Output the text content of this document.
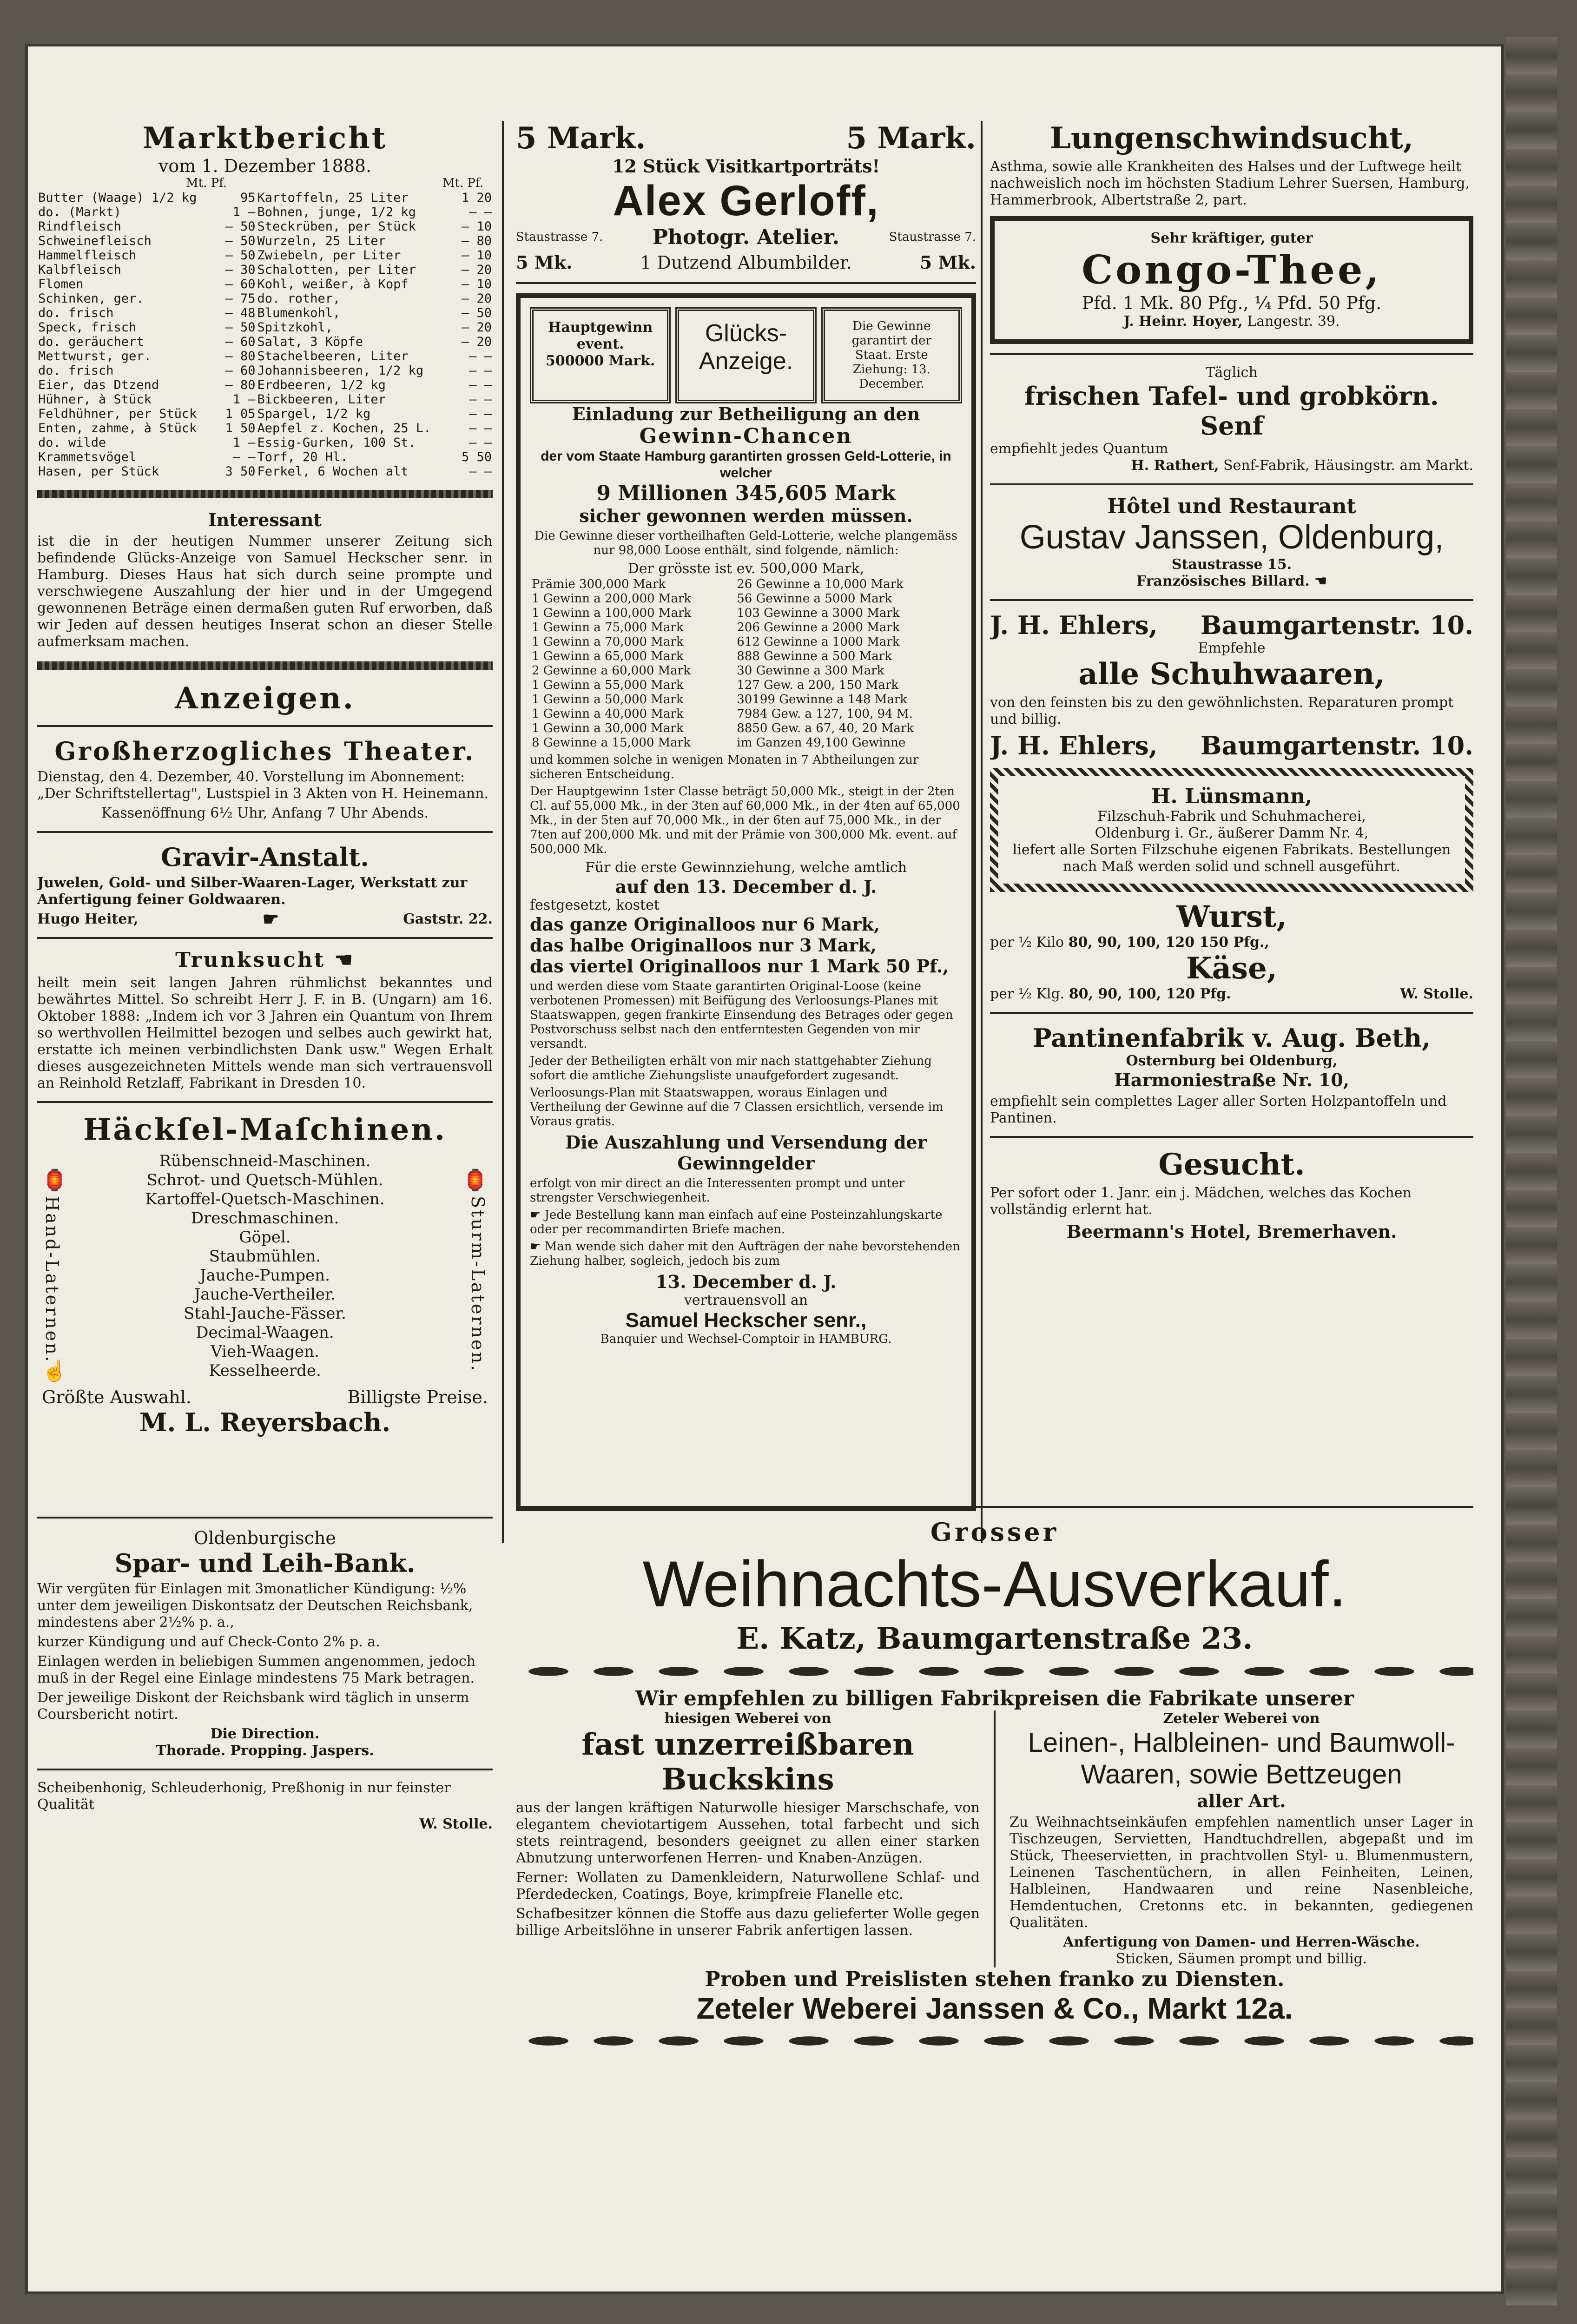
Marktbericht
vom 1. Dezember 1888.
Mt. Pf.	Mt. Pf.
Butter (Waage) 1/2 kg	95	Kartoffeln, 25 Liter	1 20
do. (Markt)	1 —	Bohnen, junge, 1/2 kg	— —
Rindfleisch	— 50	Steckrüben, per Stück	— 10
Schweinefleisch	— 50	Wurzeln, 25 Liter	— 80
Hammelfleisch	— 50	Zwiebeln, per Liter	— 10
Kalbfleisch	— 30	Schalotten, per Liter	— 20
Flomen	— 60	Kohl, weißer, à Kopf	— 10
Schinken, ger.	— 75	do. rother,	— 20
do. frisch	— 48	Blumenkohl,	— 50
Speck, frisch	— 50	Spitzkohl,	— 20
do. geräuchert	— 60	Salat, 3 Köpfe	— 20
Mettwurst, ger.	— 80	Stachelbeeren, Liter	— —
do. frisch	— 60	Johannisbeeren, 1/2 kg	— —
Eier, das Dtzend	— 80	Erdbeeren, 1/2 kg	— —
Hühner, à Stück	1 —	Bickbeeren, Liter	— —
Feldhühner, per Stück	1 05	Spargel, 1/2 kg	— —
Enten, zahme, à Stück	1 50	Aepfel z. Kochen, 25 L.	— —
do. wilde	1 —	Essig-Gurken, 100 St.	— —
Krammetsvögel	— —	Torf, 20 Hl.	5 50
Hasen, per Stück	3 50	Ferkel, 6 Wochen alt	— —
Interessant

ist die in der heutigen Nummer unserer Zeitung sich befindende Glücks-Anzeige von Samuel Heckscher senr. in Hamburg. Dieses Haus hat sich durch seine prompte und verschwiegene Auszahlung der hier und in der Umgegend gewonnenen Beträge einen dermaßen guten Ruf erworben, daß wir Jeden auf dessen heutiges Inserat schon an dieser Stelle aufmerksam machen.

Anzeigen.
Großherzogliches Theater.

Dienstag, den 4. Dezember, 40. Vorstellung im Abonnement: „Der Schriftstellertag", Lustspiel in 3 Akten von H. Heinemann.

Kassenöffnung 6½ Uhr, Anfang 7 Uhr Abends.

Gravir-Anstalt.

Juwelen, Gold- und Silber-Waaren-Lager, Werkstatt zur Anfertigung feiner Goldwaaren.

Hugo Heiter,	☛	Gaststr. 22.
Trunksucht ☚

heilt mein seit langen Jahren rühmlichst bekanntes und bewährtes Mittel. So schreibt Herr J. F. in B. (Ungarn) am 16. Oktober 1888: „Indem ich vor 3 Jahren ein Quantum von Ihrem so werthvollen Heilmittel bezogen und selbes auch gewirkt hat, erstatte ich meinen verbindlichsten Dank usw." Wegen Erhalt dieses ausgezeichneten Mittels wende man sich vertrauensvoll an Reinhold Retzlaff, Fabrikant in Dresden 10.

Häckſel-Maſchinen.
Hand-Laternen.	Sturm-Laternen.
🏮	🏮
☝
Rübenschneid-Maschinen.
Schrot- und Quetsch-Mühlen.
Kartoffel-Quetsch-Maschinen.
Dreschmaschinen.
Göpel.
Staubmühlen.
Jauche-Pumpen.
Jauche-Vertheiler.
Stahl-Jauche-Fässer.
Decimal-Waagen.
Vieh-Waagen.
Kesselheerde.
Größte Auswahl.	Billigste Preise.
M. L. Reyersbach.
Oldenburgische
Spar- und Leih-Bank.

Wir vergüten für Einlagen mit 3monatlicher Kündigung: ½% unter dem jeweiligen Diskontsatz der Deutschen Reichsbank, mindestens aber 2½% p. a.,

kurzer Kündigung und auf Check-Conto 2% p. a.

Einlagen werden in beliebigen Summen angenommen, jedoch muß in der Regel eine Einlage mindestens 75 Mark betragen.

Der jeweilige Diskont der Reichsbank wird täglich in unserm Coursbericht notirt.

Die Direction.
Thorade. Propping. Jaspers.

Scheibenhonig, Schleuderhonig, Preßhonig in nur feinster Qualität

W. Stolle.
5 Mark.	5 Mark.
12 Stück Visitkartporträts!
Alex Gerloff,
Staustrasse 7. Photogr. Atelier.	Staustrasse 7.
5 Mk.	1 Dutzend Albumbilder.	5 Mk.
Hauptgewinn
event.
500000 Mark.
Glücks-
Anzeige.
Die Gewinne garantirt der Staat. Erste Ziehung: 13. December.
Einladung zur Betheiligung an den
Gewinn-Chancen
der vom Staate Hamburg garantirten grossen Geld-Lotterie, in welcher
9 Millionen 345,605 Mark
sicher gewonnen werden müssen.

Die Gewinne dieser vortheilhaften Geld-Lotterie, welche plangemäss nur 98,000 Loose enthält, sind folgende, nämlich:

Der grösste ist ev. 500,000 Mark,
Prämie 300,000 Mark	26 Gewinne a 10,000 Mark
1 Gewinn a 200,000 Mark	56 Gewinne a 5000 Mark
1 Gewinn a 100,000 Mark	103 Gewinne a 3000 Mark
1 Gewinn a 75,000 Mark	206 Gewinne a 2000 Mark
1 Gewinn a 70,000 Mark	612 Gewinne a 1000 Mark
1 Gewinn a 65,000 Mark	888 Gewinne a 500 Mark
2 Gewinne a 60,000 Mark	30 Gewinne a 300 Mark
1 Gewinn a 55,000 Mark	127 Gew. a 200, 150 Mark
1 Gewinn a 50,000 Mark	30199 Gewinne a 148 Mark
1 Gewinn a 40,000 Mark	7984 Gew. a 127, 100, 94 M.
1 Gewinn a 30,000 Mark	8850 Gew. a 67, 40, 20 Mark
8 Gewinne a 15,000 Mark	im Ganzen 49,100 Gewinne

und kommen solche in wenigen Monaten in 7 Abtheilungen zur sicheren Entscheidung.

Der Hauptgewinn 1ster Classe beträgt 50,000 Mk., steigt in der 2ten Cl. auf 55,000 Mk., in der 3ten auf 60,000 Mk., in der 4ten auf 65,000 Mk., in der 5ten auf 70,000 Mk., in der 6ten auf 75,000 Mk., in der 7ten auf 200,000 Mk. und mit der Prämie von 300,000 Mk. event. auf 500,000 Mk.

Für die erste Gewinnziehung, welche amtlich
auf den 13. December d. J.
festgesetzt, kostet
das ganze Originalloos nur 6 Mark,
das halbe Originalloos nur 3 Mark,
das viertel Originalloos nur 1 Mark 50 Pf.,

und werden diese vom Staate garantirten Original-Loose (keine verbotenen Promessen) mit Beifügung des Verloosungs-Planes mit Staatswappen, gegen frankirte Einsendung des Betrages oder gegen Postvorschuss selbst nach den entferntesten Gegenden von mir versandt.

Jeder der Betheiligten erhält von mir nach stattgehabter Ziehung sofort die amtliche Ziehungsliste unaufgefordert zugesandt.

Verloosungs-Plan mit Staatswappen, woraus Einlagen und Vertheilung der Gewinne auf die 7 Classen ersichtlich, versende im Voraus gratis.

Die Auszahlung und Versendung der Gewinngelder

erfolgt von mir direct an die Interessenten prompt und unter strengster Verschwiegenheit.

☛ Jede Bestellung kann man einfach auf eine Posteinzahlungskarte oder per recommandirten Briefe machen.

☛ Man wende sich daher mit den Aufträgen der nahe bevorstehenden Ziehung halber, sogleich, jedoch bis zum

13. December d. J.
vertrauensvoll an
Samuel Heckscher senr.,
Banquier und Wechsel-Comptoir in HAMBURG.
Lungenschwindsucht,

Asthma, sowie alle Krankheiten des Halses und der Luftwege heilt nachweislich noch im höchsten Stadium Lehrer Suersen, Hamburg, Hammerbrook, Albertstraße 2, part.

Sehr kräftiger, guter
Congo-Thee,
Pfd. 1 Mk. 80 Pfg., ¼ Pfd. 50 Pfg.
J. Heinr. Hoyer, Langestr. 39.
Täglich
frischen Tafel- und grobkörn. Senf
empfiehlt jedes Quantum
H. Rathert, Senf-Fabrik, Häusingstr. am Markt.
Hôtel und Restaurant
Gustav Janssen, Oldenburg,
Staustrasse 15.
Französisches Billard. ☚
J. H. Ehlers, Baumgartenstr. 10.
Empfehle
alle Schuhwaaren,

von den feinsten bis zu den gewöhnlichsten. Reparaturen prompt und billig.

J. H. Ehlers, Baumgartenstr. 10.
H. Lünsmann,
Filzschuh-Fabrik und Schuhmacherei,
Oldenburg i. Gr., äußerer Damm Nr. 4,
liefert alle Sorten Filzschuhe eigenen Fabrikats. Bestellungen nach Maß werden solid und schnell ausgeführt.
Wurst,
per ½ Kilo 80, 90, 100, 120 150 Pfg.,
Käse,
per ½ Klg. 80, 90, 100, 120 Pfg.	W. Stolle.
Pantinenfabrik v. Aug. Beth,
Osternburg bei Oldenburg,
Harmoniestraße Nr. 10,

empfiehlt sein complettes Lager aller Sorten Holzpantoffeln und Pantinen.

Gesucht.

Per sofort oder 1. Janr. ein j. Mädchen, welches das Kochen vollständig erlernt hat.

Beermann's Hotel, Bremerhaven.
Grosser
Weihnachts-Ausverkauf.
E. Katz, Baumgartenstraße 23.
Wir empfehlen zu billigen Fabrikpreisen die Fabrikate unserer
hiesigen Weberei von
fast unzerreißbaren
Buckskins

aus der langen kräftigen Naturwolle hiesiger Marschschafe, von elegantem cheviotartigem Aussehen, total farbecht und sich stets reintragend, besonders geeignet zu allen einer starken Abnutzung unterworfenen Herren- und Knaben-Anzügen.

Ferner: Wollaten zu Damenkleidern, Naturwollene Schlaf- und Pferdedecken, Coatings, Boye, krimpfreie Flanelle etc.

Schafbesitzer können die Stoffe aus dazu gelieferter Wolle gegen billige Arbeitslöhne in unserer Fabrik anfertigen lassen.

Zeteler Weberei von
Leinen-, Halbleinen- und Baumwoll-Waaren, sowie Bettzeugen
aller Art.

Zu Weihnachtseinkäufen empfehlen namentlich unser Lager in Tischzeugen, Servietten, Handtuchdrellen, abgepaßt und im Stück, Theeservietten, in prachtvollen Styl- u. Blumenmustern, Leinenen Taschentüchern, in allen Feinheiten, Leinen, Halbleinen, Handwaaren und reine Nasenbleiche, Hemdentuchen, Cretonns etc. in bekannten, gediegenen Qualitäten.

Anfertigung von Damen- und Herren-Wäsche.
Sticken, Säumen prompt und billig.
Proben und Preislisten stehen franko zu Diensten.
Zeteler Weberei Janssen & Co., Markt 12a.
